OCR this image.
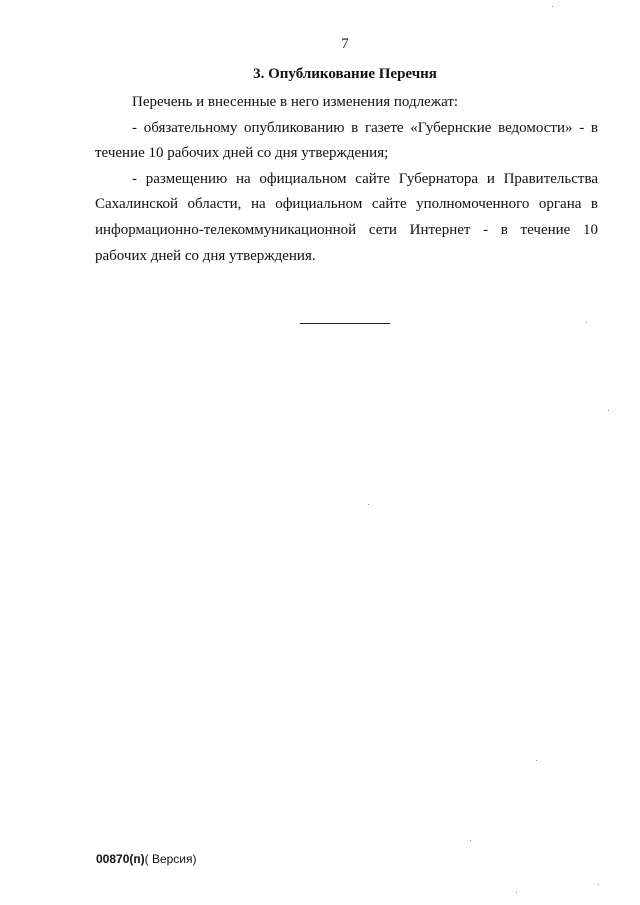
7
3. Опубликование Перечня

Перечень и внесенные в него изменения подлежат:

- обязательному опубликованию в газете «Губернские ведомости» - в течение 10 рабочих дней со дня утверждения;

- размещению на официальном сайте Губернатора и Правительства Сахалинской области, на официальном сайте уполномоченного органа в информационно-телекоммуникационной сети Интернет - в течение 10 рабочих дней со дня утверждения.

00870(п)( Версия)
